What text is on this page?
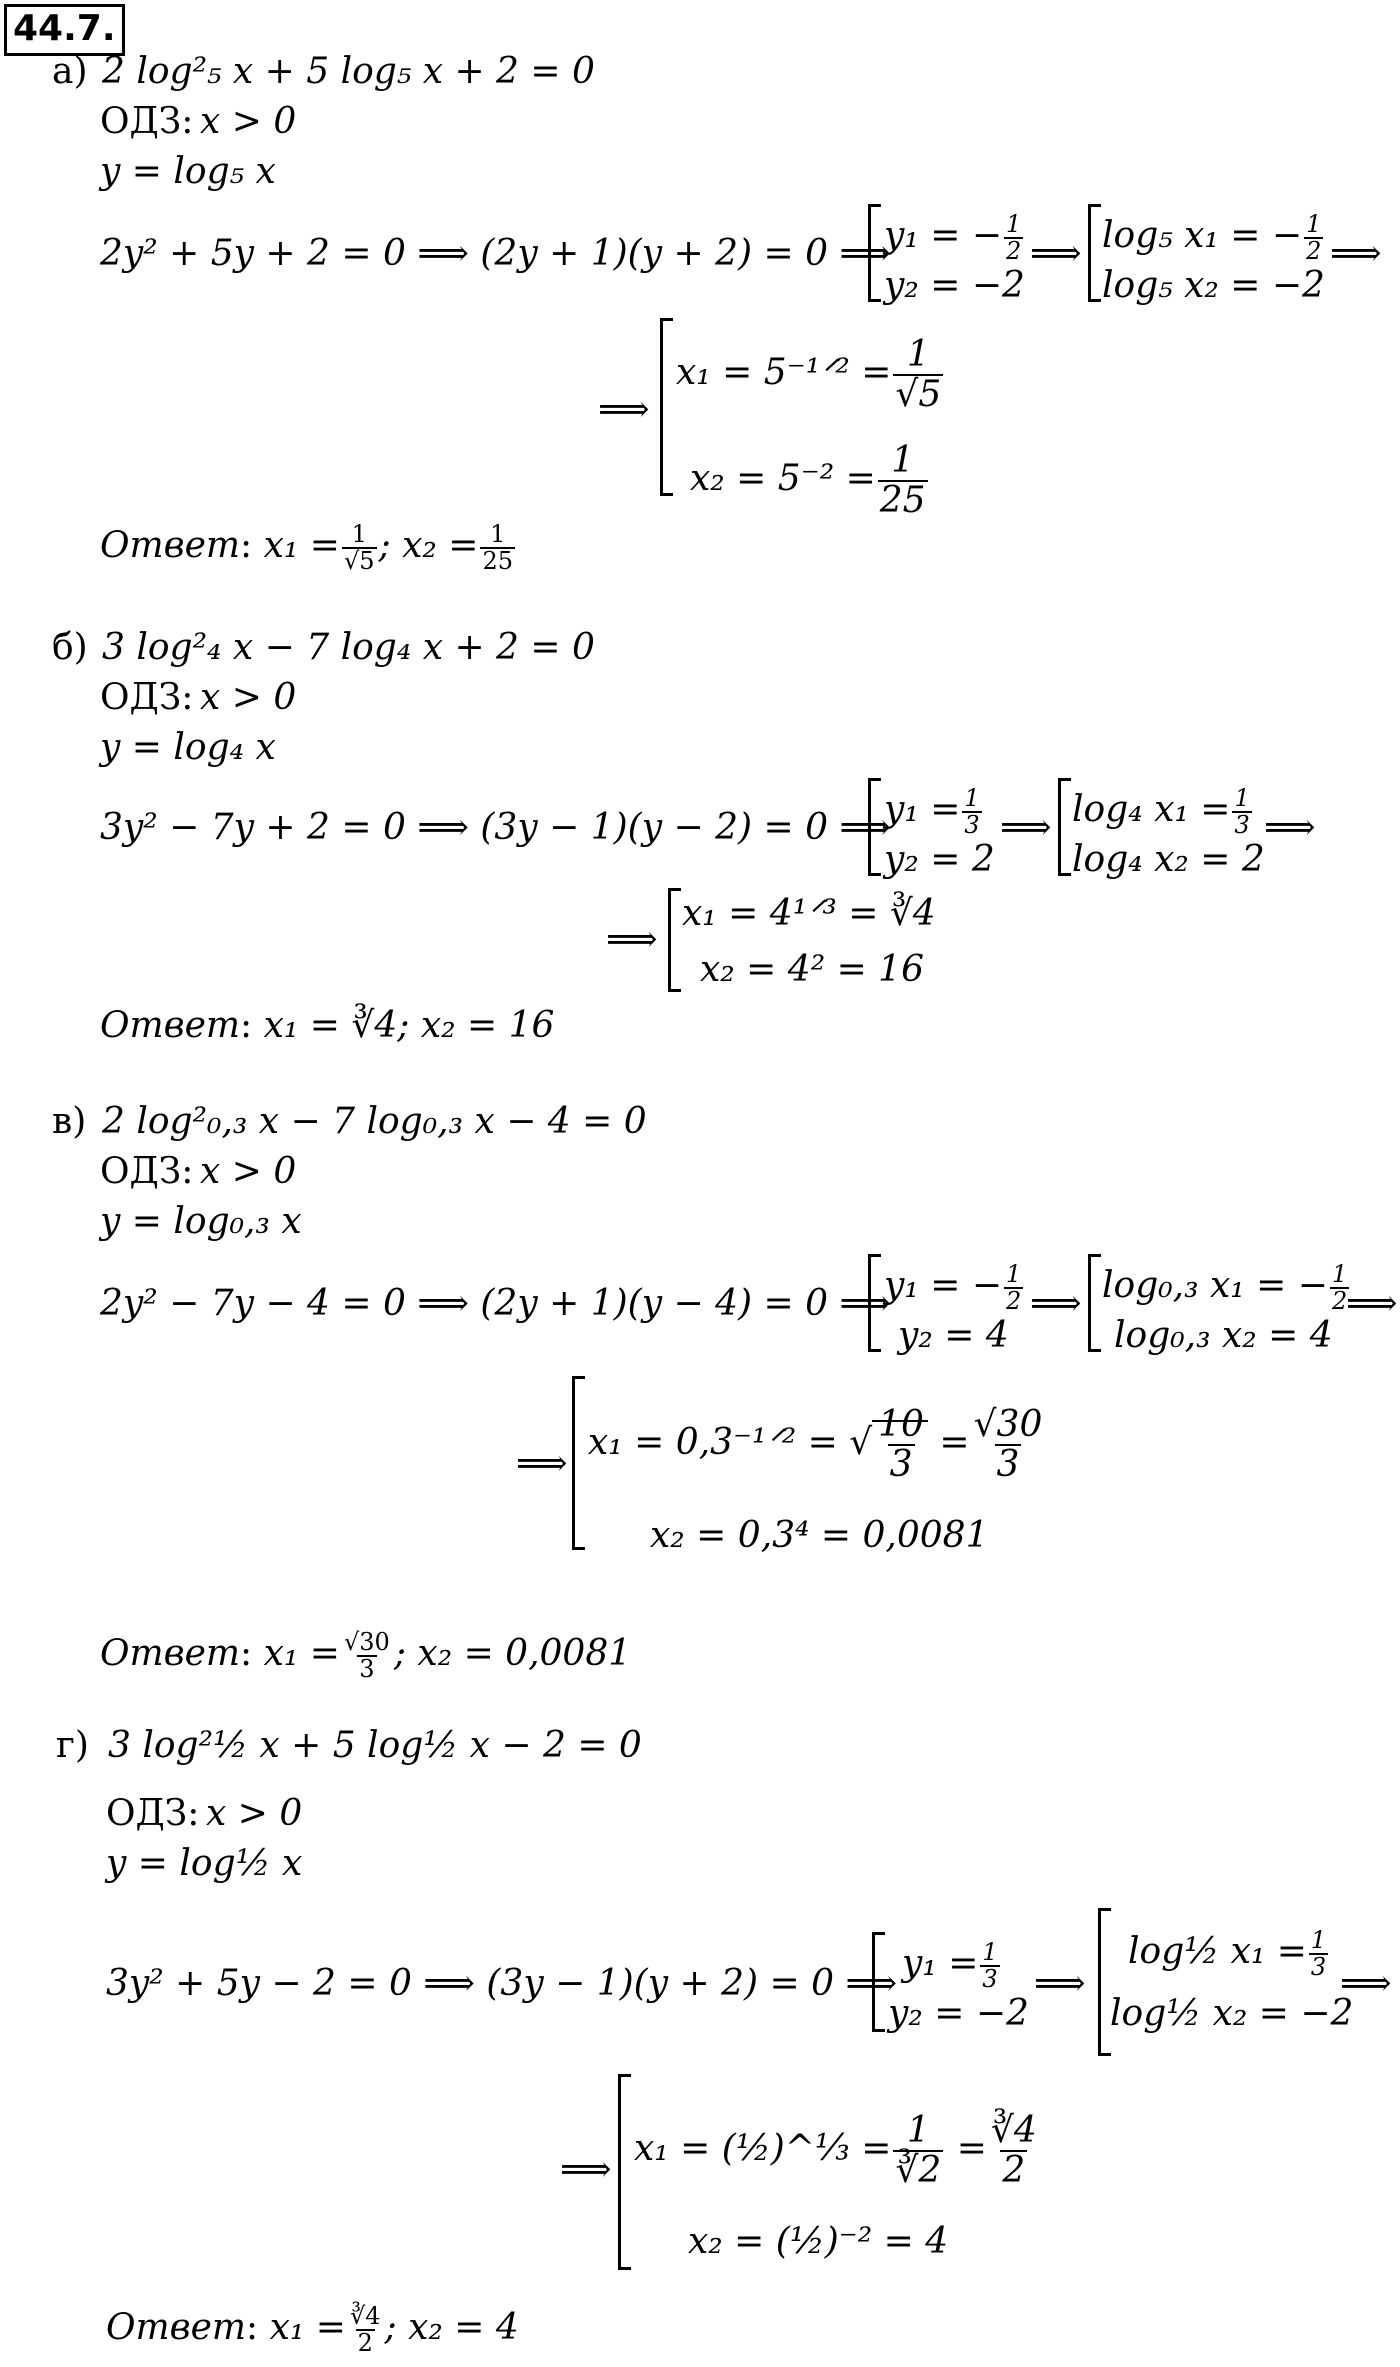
44.7.
а) 2 log²₅ x + 5 log₅ x + 2 = 0
ОДЗ: x > 0
y = log₅ x
2y² + 5y + 2 = 0 ⟹ (2y + 1)(y + 2) = 0 ⟹
y₁ = − $\frac{1}{2}$
y₂ = −2
⟹ log₅ x₁ = − $\frac{1}{2}$
log₅ x₂ = −2
⟹
⟹
x₁ = 5⁻¹ᐟ² = $\frac{1}{√5}$
$x_2 = 5^{-2} = \frac{1}{25}$
Ответ: $x_1 = \frac{1}{√5}$ ; $x_2 = \frac{1}{25}$
б) 3 log²₄ x − 7 log₄ x + 2 = 0
ОДЗ: x > 0
y = log₄ x
3y² − 7y + 2 = 0 ⟹ (3y − 1)(y − 2) = 0 ⟹
$y_1 = \frac{1}{3}$
y₂ = 2
⟹ log₄ $x_1 = \frac{1}{3}$
log₄ x₂ = 2
⟹
⟹
x₁ = 4¹ᐟ³ = ∛4
x₂ = 4² = 16
Ответ: x₁ = ∛4; x₂ = 16
в) 2 log²₀,₃ x − 7 log₀,₃ x − 4 = 0
ОДЗ: x > 0
y = log₀,₃ x
2y² − 7y − 4 = 0 ⟹ (2y + 1)(y − 4) = 0 ⟹
y₁ = − $\frac{1}{2}$
y₂ = 4
⟹ log₀,₃ x₁ = − $\frac{1}{2}$
log₀,₃ x₂ = 4
⟹
⟹
x₁ = 0,3⁻¹ᐟ² = √ $\frac{10}{3} = \frac{√30}{3}$
x₂ = 0,3⁴ = 0,0081
Ответ: $x_1 = \frac{√30}{3}$ ; x₂ = 0,0081
г) 3 log²½ x + 5 log½ x − 2 = 0
ОДЗ: x > 0
y = log½ x
3y² + 5y − 2 = 0 ⟹ (3y − 1)(y + 2) = 0 ⟹ $y_1 = \frac{1}{3}$
y₂ = −2
⟹
log½ $x_1 = \frac{1}{3}$
log½ x₂ = −2
⟹
⟹
x₁ = (½)^⅓ = $\frac{1}{∛2} = \frac{∛4}{2}$
x₂ = (½)⁻² = 4
Ответ: $x_1 = \frac{∛4}{2}$ ; x₂ = 4
